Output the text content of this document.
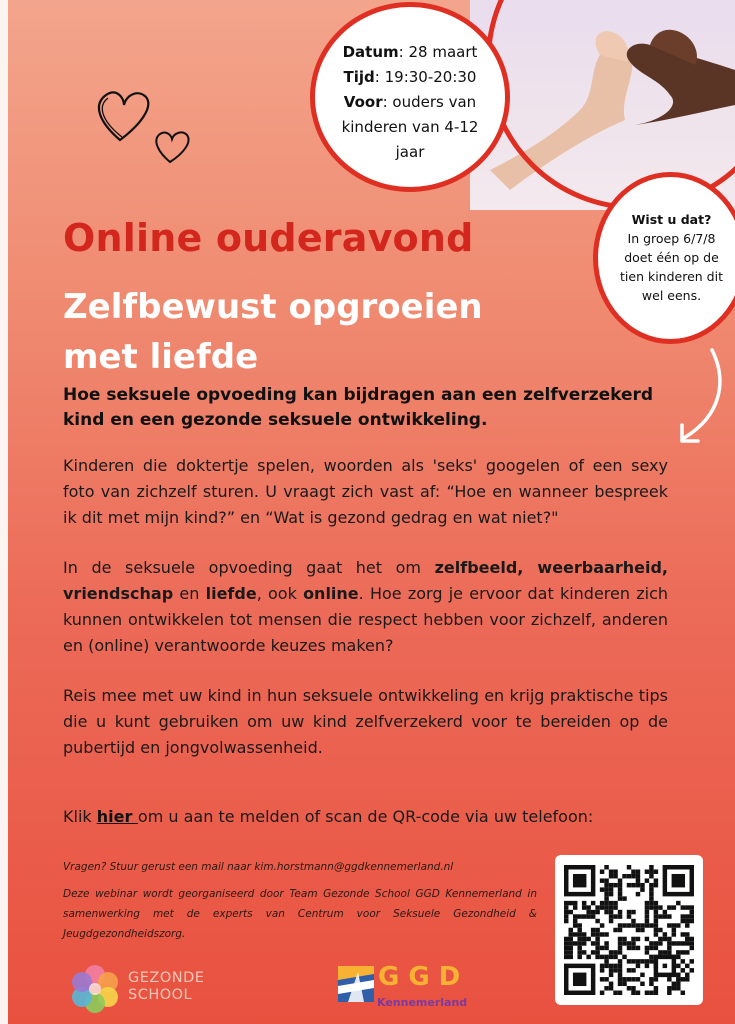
Datum: 28 maart
Tijd: 19:30-20:30
Voor: ouders van kinderen van 4-12 jaar
Wist u dat?
In groep 6/7/8 doet één op de tien kinderen dit wel eens.
Online ouderavond
Zelfbewust opgroeien
met liefde
Hoe seksuele opvoeding kan bijdragen aan een zelfverzekerd kind en een gezonde seksuele ontwikkeling.
Kinderen die doktertje spelen, woorden als 'seks' googelen of een sexy foto van zichzelf sturen. U vraagt zich vast af: “Hoe en wanneer bespreek ik dit met mijn kind?” en “Wat is gezond gedrag en wat niet?"
In de seksuele opvoeding gaat het om zelfbeeld, weerbaarheid, vriendschap en liefde, ook online. Hoe zorg je ervoor dat kinderen zich kunnen ontwikkelen tot mensen die respect hebben voor zichzelf, anderen en (online) verantwoorde keuzes maken?
Reis mee met uw kind in hun seksuele ontwikkeling en krijg praktische tips die u kunt gebruiken om uw kind zelfverzekerd voor te bereiden op de pubertijd en jongvolwassenheid.
Klik hier om u aan te melden of scan de QR-code via uw telefoon:
Vragen? Stuur gerust een mail naar kim.horstmann@ggdkennemerland.nl
Deze webinar wordt georganiseerd door Team Gezonde School GGD Kennemerland in samenwerking met de experts van Centrum voor Seksuele Gezondheid & Jeugdgezondheidszorg.
GEZONDE
SCHOOL
GGD
Kennemerland
